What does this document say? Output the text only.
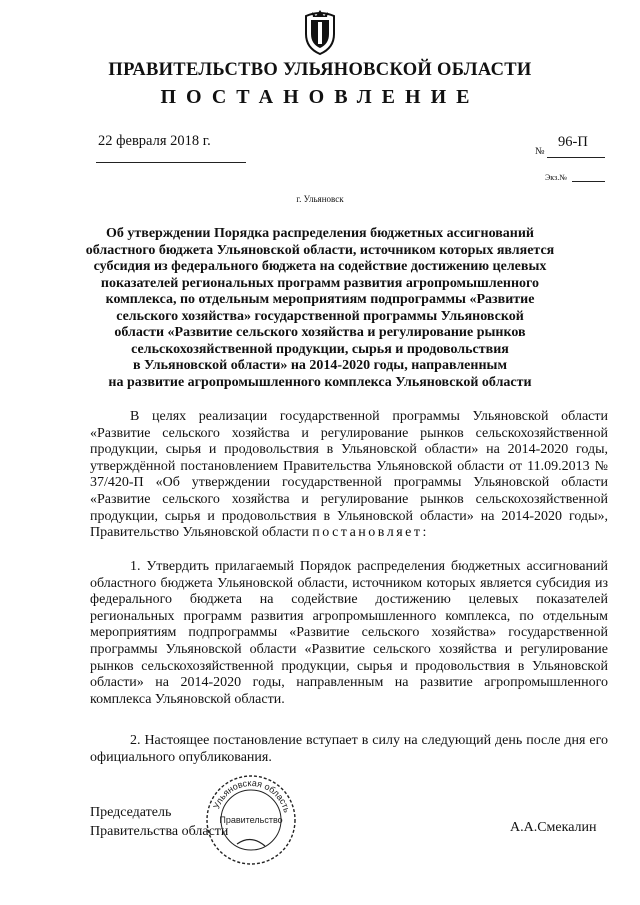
ПРАВИТЕЛЬСТВО УЛЬЯНОВСКОЙ ОБЛАСТИ
ПОСТАНОВЛЕНИЕ
22 февраля 2018 г.	96-П
№
Экз.№
г. Ульяновск
Об утверждении Порядка распределения бюджетных ассигнований
областного бюджета Ульяновской области, источником которых является
субсидия из федерального бюджета на содействие достижению целевых
показателей региональных программ развития агропромышленного
комплекса, по отдельным мероприятиям подпрограммы «Развитие
сельского хозяйства» государственной программы Ульяновской
области «Развитие сельского хозяйства и регулирование рынков
сельскохозяйственной продукции, сырья и продовольствия
в Ульяновской области» на 2014-2020 годы, направленным
на развитие агропромышленного комплекса Ульяновской области

В целях реализации государственной программы Ульяновской области «Развитие сельского хозяйства и регулирование рынков сельскохозяйственной продукции, сырья и продовольствия в Ульяновской области» на 2014-2020 годы, утверждённой постановлением Правительства Ульяновской области от 11.09.2013 № 37/420-П «Об утверждении государственной программы Ульяновской области «Развитие сельского хозяйства и регулирование рынков сельскохозяйственной продукции, сырья и продовольствия в Ульяновской области» на 2014-2020 годы», Правительство Ульяновской области постановляет:

1. Утвердить прилагаемый Порядок распределения бюджетных ассигнований областного бюджета Ульяновской области, источником которых является субсидия из федерального бюджета на содействие достижению целевых показателей региональных программ развития агропромышленного комплекса, по отдельным мероприятиям подпрограммы «Развитие сельского хозяйства» государственной программы Ульяновской области «Развитие сельского хозяйства и регулирование рынков сельскохозяйственной продукции, сырья и продовольствия в Ульяновской области» на 2014-2020 годы, направленным на развитие агропромышленного комплекса Ульяновской области.

2. Настоящее постановление вступает в силу на следующий день после дня его официального опубликования.

Председатель
Правительства области
Ульяновская область
Правительство	А.А.Смекалин
